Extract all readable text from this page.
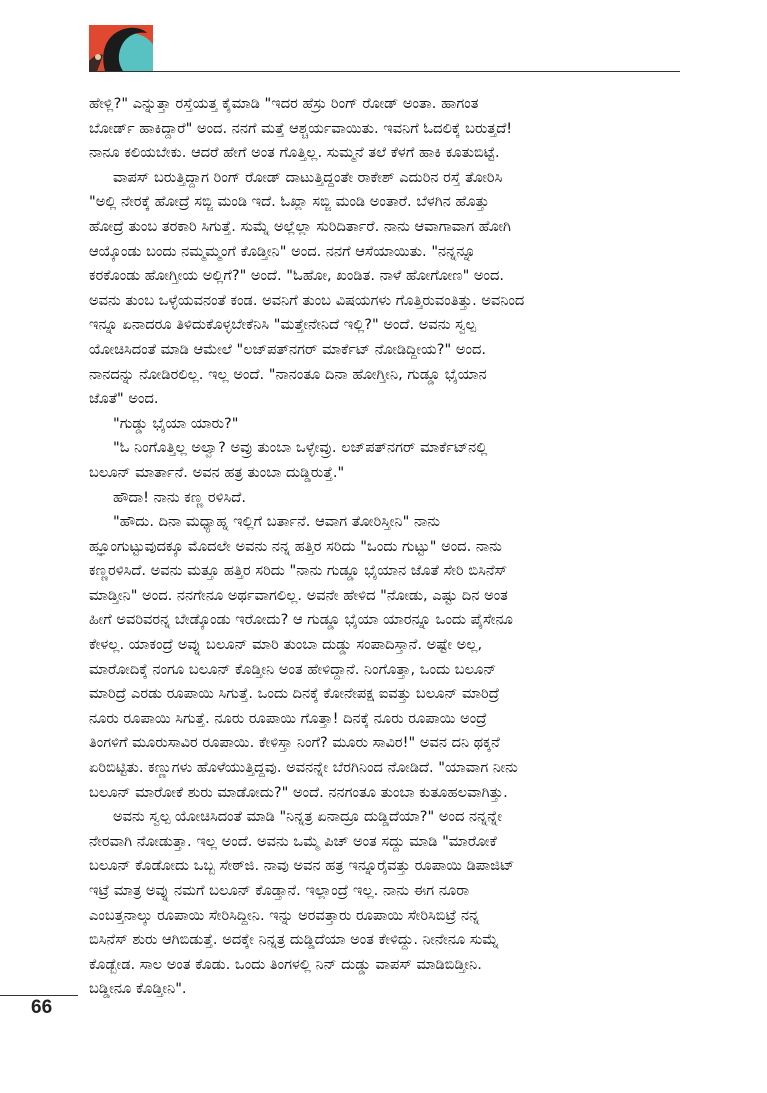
ಹೇಳ್ಲಿ?" ಎನ್ನುತ್ತಾ ರಸ್ತೆಯತ್ತ ಕೈಮಾಡಿ "ಇದರ ಹೆಸ್ರು ರಿಂಗ್ ರೋಡ್ ಅಂತಾ. ಹಾಗಂತ

ಬೋರ್ಡ್ ಹಾಕಿದ್ದಾರೆ" ಅಂದ. ನನಗೆ ಮತ್ತೆ ಆಶ್ಚರ್ಯವಾಯಿತು. ಇವನಿಗೆ ಓದಲಿಕ್ಕೆ ಬರುತ್ತದೆ!

ನಾನೂ ಕಲಿಯಬೇಕು. ಆದರೆ ಹೇಗೆ ಅಂತ ಗೊತ್ತಿಲ್ಲ. ಸುಮ್ಮನೆ ತಲೆ ಕೆಳಗೆ ಹಾಕಿ ಕೂತುಬಿಟ್ಟೆ.

ವಾಪಸ್ ಬರುತ್ತಿದ್ದಾಗ ರಿಂಗ್ ರೋಡ್ ದಾಟುತ್ತಿದ್ದಂತೇ ರಾಕೇಶ್ ಎದುರಿನ ರಸ್ತೆ ತೋರಿಸಿ

"ಅಲ್ಲಿ ನೇರಕ್ಕೆ ಹೋದ್ರೆ ಸಬ್ಜಿ ಮಂಡಿ ಇದೆ. ಓಖ್ಲಾ ಸಬ್ಜಿ ಮಂಡಿ ಅಂತಾರೆ. ಬೆಳಗಿನ ಹೊತ್ತು

ಹೋದ್ರೆ ತುಂಬ ತರಕಾರಿ ಸಿಗುತ್ತೆ. ಸುಮ್ನೆ ಅಲ್ಲೆಲ್ಲಾ ಸುರಿದಿರ್ತಾರೆ. ನಾನು ಆವಾಗಾವಾಗ ಹೋಗಿ

ಆಯ್ಕೊಂಡು ಬಂದು ನಮ್ಮಮ್ಮಂಗೆ ಕೊಡ್ತೀನಿ" ಅಂದ. ನನಗೆ ಆಸೆಯಾಯಿತು. "ನನ್ನನ್ನೂ

ಕರಕೊಂಡು ಹೋಗ್ತೀಯ ಅಲ್ಲಿಗೆ?" ಅಂದೆ. "ಓಹೋ, ಖಂಡಿತ. ನಾಳೆ ಹೋಗೋಣ" ಅಂದ.

ಅವನು ತುಂಬ ಒಳ್ಳೆಯವನಂತೆ ಕಂಡ. ಅವನಿಗೆ ತುಂಬ ವಿಷಯಗಳು ಗೊತ್ತಿರುವಂತಿತ್ತು. ಅವನಿಂದ

ಇನ್ನೂ ಏನಾದರೂ ತಿಳಿದುಕೊಳ್ಳಬೇಕೆನಿಸಿ "ಮತ್ತೇನೇನಿದೆ ಇಲ್ಲಿ?" ಅಂದೆ. ಅವನು ಸ್ವಲ್ಪ

ಯೋಚಿಸಿದಂತೆ ಮಾಡಿ ಆಮೇಲೆ "ಲಜ್‌ಪತ್‌ನಗರ್ ಮಾರ್ಕೆಟ್ ನೋಡಿದ್ದೀಯ?" ಅಂದ.

ನಾನದನ್ನು ನೋಡಿರಲಿಲ್ಲ. ಇಲ್ಲ ಅಂದೆ. "ನಾನಂತೂ ದಿನಾ ಹೋಗ್ತೀನಿ, ಗುಡ್ಡೂ ಭೈಯಾನ

ಜೊತೆ" ಅಂದ.

"ಗುಡ್ಡು ಭೈಯಾ ಯಾರು?"

"ಓ ನಿಂಗೊತ್ತಿಲ್ಲ ಅಲ್ವಾ? ಅವ್ರು ತುಂಬಾ ಒಳ್ಳೇವ್ರು. ಲಜ್‌ಪತ್‌ನಗರ್ ಮಾರ್ಕೆಟ್‌ನಲ್ಲಿ

ಬಲೂನ್ ಮಾರ್ತಾನೆ. ಅವನ ಹತ್ರ ತುಂಬಾ ದುಡ್ಡಿರುತ್ತೆ."

ಹೌದಾ! ನಾನು ಕಣ್ಣ ರಳಿಸಿದೆ.

"ಹೌದು. ದಿನಾ ಮಧ್ಯಾಹ್ನ ಇಲ್ಲಿಗೆ ಬರ್ತಾನೆ. ಆವಾಗ ತೋರಿಸ್ತೀನಿ" ನಾನು

ಹ್ಞೂಂಗುಟ್ಟುವುದಕ್ಕೂ ಮೊದಲೇ ಅವನು ನನ್ನ ಹತ್ತಿರ ಸರಿದು "ಒಂದು ಗುಟ್ಟು" ಅಂದ. ನಾನು

ಕಣ್ಣರಳಿಸಿದೆ. ಅವನು ಮತ್ತೂ ಹತ್ತಿರ ಸರಿದು "ನಾನು ಗುಡ್ಡೂ ಭೈಯಾನ ಜೊತೆ ಸೇರಿ ಬಿಸಿನೆಸ್

ಮಾಡ್ತೀನಿ" ಅಂದ. ನನಗೇನೂ ಅರ್ಥವಾಗಲಿಲ್ಲ. ಅವನೇ ಹೇಳಿದ "ನೋಡು, ಎಷ್ಟು ದಿನ ಅಂತ

ಹೀಗೆ ಅವರಿವರನ್ನ ಬೇಡ್ಕೊಂಡು ಇರೋದು? ಆ ಗುಡ್ಡೂ ಭೈಯಾ ಯಾರನ್ನೂ ಒಂದು ಪೈಸೇನೂ

ಕೇಳಲ್ಲ. ಯಾಕಂದ್ರೆ ಅವ್ನು ಬಲೂನ್ ಮಾರಿ ತುಂಬಾ ದುಡ್ಡು ಸಂಪಾದಿಸ್ತಾನೆ. ಅಷ್ಟೇ ಅಲ್ಲ,

ಮಾರೋದಿಕ್ಕೆ ನಂಗೂ ಬಲೂನ್ ಕೊಡ್ತೀನಿ ಅಂತ ಹೇಳಿದ್ದಾನೆ. ನಿಂಗೊತ್ತಾ, ಒಂದು ಬಲೂನ್

ಮಾರಿದ್ರೆ ಎರಡು ರೂಪಾಯಿ ಸಿಗುತ್ತೆ. ಒಂದು ದಿನಕ್ಕೆ ಕೋನೇಪಕ್ಷ ಐವತ್ತು ಬಲೂನ್ ಮಾರಿದ್ರೆ

ನೂರು ರೂಪಾಯಿ ಸಿಗುತ್ತೆ. ನೂರು ರೂಪಾಯಿ ಗೊತ್ತಾ! ದಿನಕ್ಕೆ ನೂರು ರೂಪಾಯಿ ಅಂದ್ರೆ

ತಿಂಗಳಿಗೆ ಮೂರುಸಾವಿರ ರೂಪಾಯಿ. ಕೇಳಿಸ್ತಾ ನಿಂಗೆ? ಮೂರು ಸಾವಿರ!" ಅವನ ದನಿ ಥಕ್ಕನೆ

ಏರಿಬಿಟ್ಟಿತು. ಕಣ್ಣುಗಳು ಹೊಳೆಯುತ್ತಿದ್ದವು. ಅವನನ್ನೇ ಬೆರಗಿನಿಂದ ನೋಡಿದೆ. "ಯಾವಾಗ ನೀನು

ಬಲೂನ್ ಮಾರೋಕೆ ಶುರು ಮಾಡೋದು?" ಅಂದೆ. ನನಗಂತೂ ತುಂಬಾ ಕುತೂಹಲವಾಗಿತ್ತು.

ಅವನು ಸ್ವಲ್ಪ ಯೋಚಿಸಿದಂತೆ ಮಾಡಿ "ನಿನ್ನತ್ರ ಏನಾದ್ರೂ ದುಡ್ಡಿದೆಯಾ?" ಅಂದ ನನ್ನನ್ನೇ

ನೇರವಾಗಿ ನೋಡುತ್ತಾ. ಇಲ್ಲ ಅಂದೆ. ಅವನು ಒಮ್ಮೆ ಪಿಚ್ ಅಂತ ಸದ್ದು ಮಾಡಿ "ಮಾರೋಕೆ

ಬಲೂನ್ ಕೊಡೋದು ಒಬ್ಬ ಸೇಠ್‌ಜಿ. ನಾವು ಅವನ ಹತ್ರ ಇನ್ನೂರೈವತ್ತು ರೂಪಾಯಿ ಡಿಪಾಜಿಟ್

ಇಟ್ರೆ ಮಾತ್ರ ಅವ್ನು ನಮಗೆ ಬಲೂನ್ ಕೊಡ್ತಾನೆ. ಇಲ್ಲಾಂದ್ರೆ ಇಲ್ಲ. ನಾನು ಈಗ ನೂರಾ

ಎಂಬತ್ತನಾಲ್ಕು ರೂಪಾಯಿ ಸೇರಿಸಿದ್ದೀನಿ. ಇನ್ನು ಅರವತ್ತಾರು ರೂಪಾಯಿ ಸೇರಿಸಿಬಿಟ್ರೆ ನನ್ನ

ಬಿಸಿನೆಸ್ ಶುರು ಆಗಿಬಿಡುತ್ತೆ. ಅದಕ್ಕೇ ನಿನ್ನತ್ರ ದುಡ್ಡಿದೆಯಾ ಅಂತ ಕೇಳಿದ್ದು. ನೀನೇನೂ ಸುಮ್ನೆ

ಕೊಡ್ಬೇಡ. ಸಾಲ ಅಂತ ಕೊಡು. ಒಂದು ತಿಂಗಳಲ್ಲಿ ನಿನ್ ದುಡ್ಡು ವಾಪಸ್ ಮಾಡಿಬಿಡ್ತೀನಿ.

ಬಡ್ಡೀನೂ ಕೊಡ್ತೀನಿ".

66
